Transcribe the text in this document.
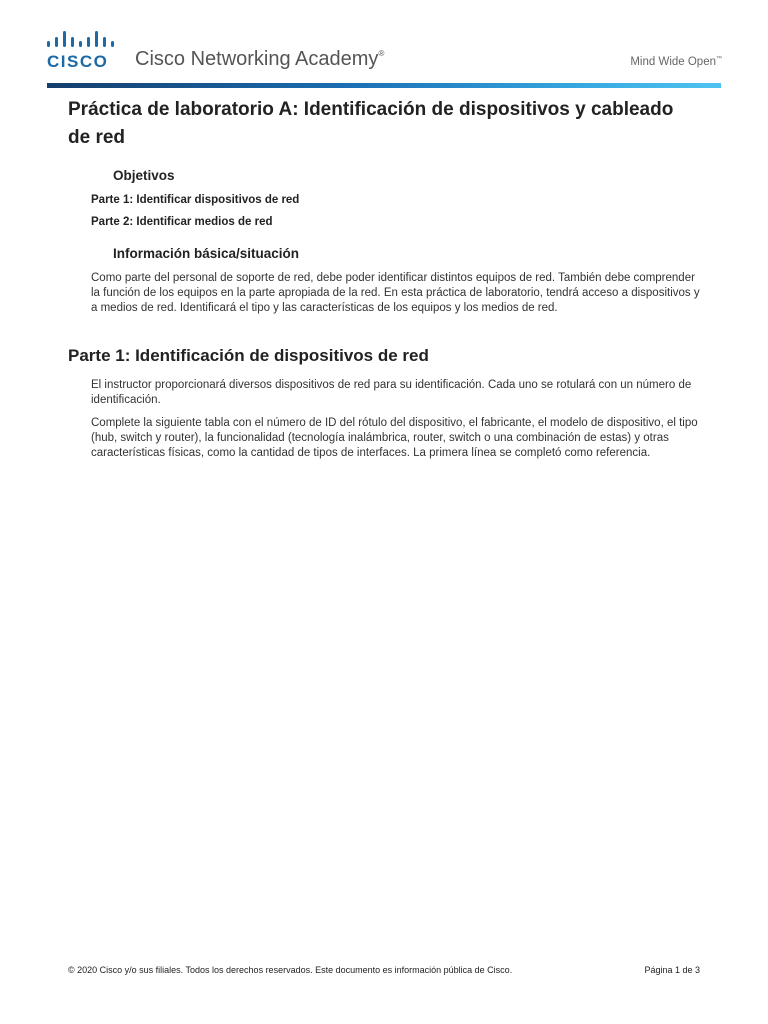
CISCO Cisco Networking Academy®
Mind Wide Open™
Práctica de laboratorio A: Identificación de dispositivos y cableado de red
Objetivos
Parte 1: Identificar dispositivos de red
Parte 2: Identificar medios de red
Información básica/situación
Como parte del personal de soporte de red, debe poder identificar distintos equipos de red. También debe comprender la función de los equipos en la parte apropiada de la red. En esta práctica de laboratorio, tendrá acceso a dispositivos y a medios de red. Identificará el tipo y las características de los equipos y los medios de red.
Parte 1: Identificación de dispositivos de red
El instructor proporcionará diversos dispositivos de red para su identificación. Cada uno se rotulará con un número de identificación.
Complete la siguiente tabla con el número de ID del rótulo del dispositivo, el fabricante, el modelo de dispositivo, el tipo (hub, switch y router), la funcionalidad (tecnología inalámbrica, router, switch o una combinación de estas) y otras características físicas, como la cantidad de tipos de interfaces. La primera línea se completó como referencia.
© 2020 Cisco y/o sus filiales. Todos los derechos reservados. Este documento es información pública de Cisco.	Página 1 de 3
